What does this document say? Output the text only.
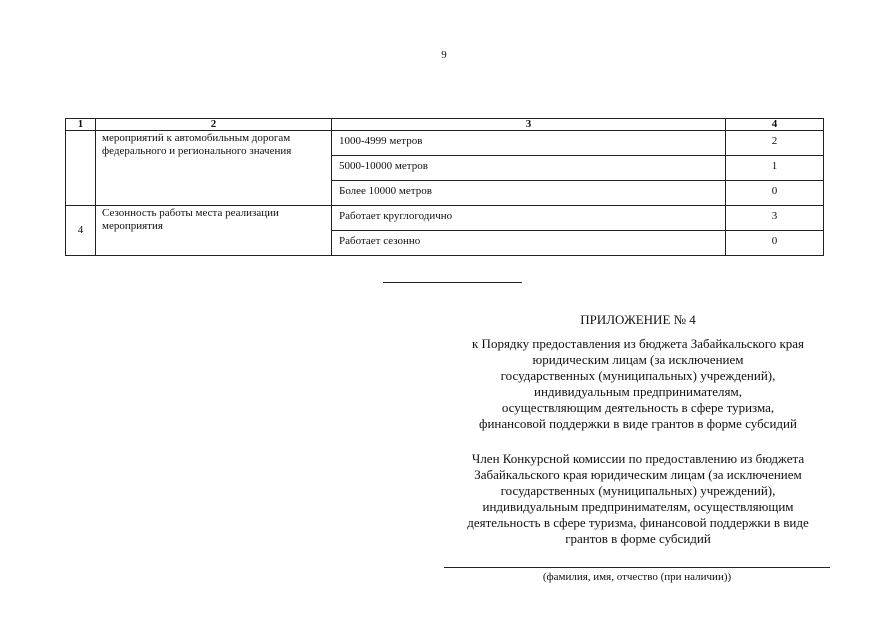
9
1	2	3	4
	мероприятий к автомобильным дорогам федерального и регионального значения	1000-4999 метров	2
		5000-10000 метров	1
		Более 10000 метров	0
4	Сезонность работы места реализации мероприятия	Работает круглогодично	3
		Работает сезонно	0
ПРИЛОЖЕНИЕ № 4
к Порядку предоставления из бюджета Забайкальского края
юридическим лицам (за исключением
государственных (муниципальных) учреждений),
индивидуальным предпринимателям,
осуществляющим деятельность в сфере туризма,
финансовой поддержки в виде грантов в форме субсидий
Член Конкурсной комиссии по предоставлению из бюджета
Забайкальского края юридическим лицам (за исключением
государственных (муниципальных) учреждений),
индивидуальным предпринимателям, осуществляющим
деятельность в сфере туризма, финансовой поддержки в виде
грантов в форме субсидий
(фамилия, имя, отчество (при наличии))
